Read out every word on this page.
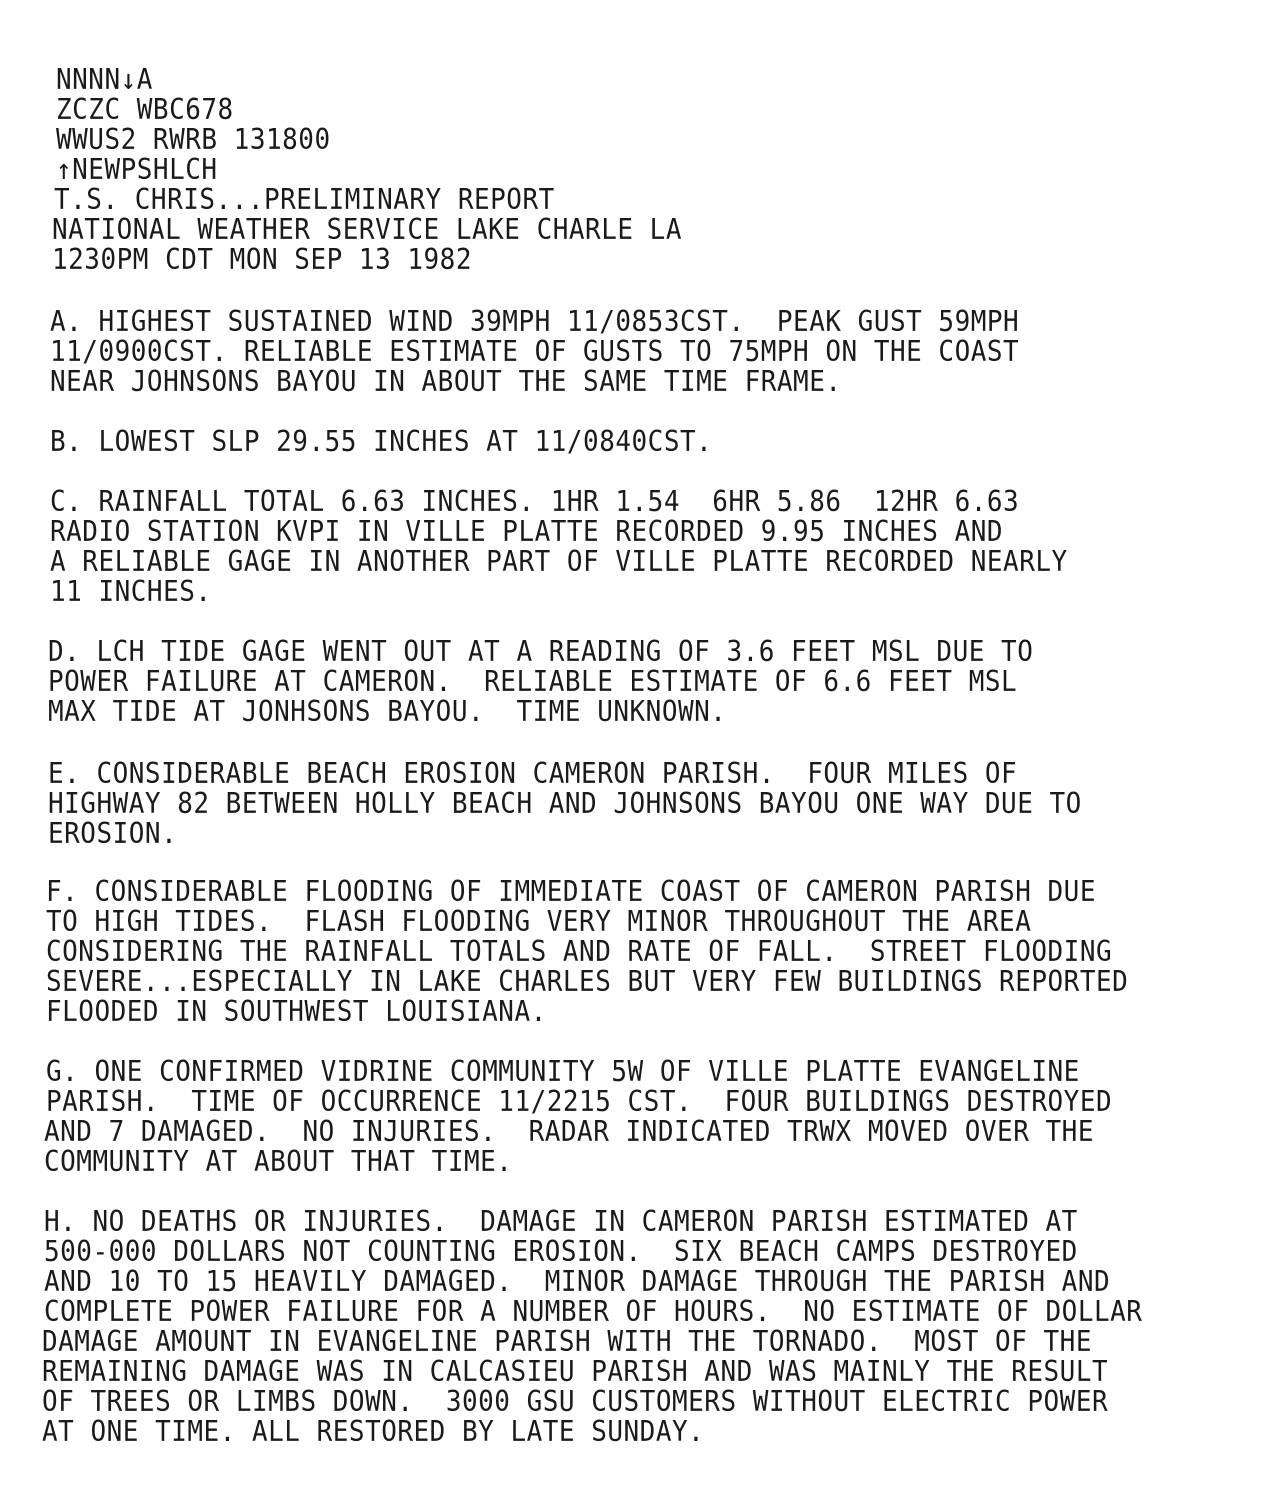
NNNN↓A
ZCZC WBC678
WWUS2 RWRB 131800
↑NEWPSHLCH
T.S. CHRIS...PRELIMINARY REPORT
NATIONAL WEATHER SERVICE LAKE CHARLE LA
1230PM CDT MON SEP 13 1982
A. HIGHEST SUSTAINED WIND 39MPH 11/0853CST.  PEAK GUST 59MPH
11/0900CST. RELIABLE ESTIMATE OF GUSTS TO 75MPH ON THE COAST
NEAR JOHNSONS BAYOU IN ABOUT THE SAME TIME FRAME.
B. LOWEST SLP 29.55 INCHES AT 11/0840CST.
C. RAINFALL TOTAL 6.63 INCHES. 1HR 1.54  6HR 5.86  12HR 6.63
RADIO STATION KVPI IN VILLE PLATTE RECORDED 9.95 INCHES AND
A RELIABLE GAGE IN ANOTHER PART OF VILLE PLATTE RECORDED NEARLY
11 INCHES.
D. LCH TIDE GAGE WENT OUT AT A READING OF 3.6 FEET MSL DUE TO
POWER FAILURE AT CAMERON.  RELIABLE ESTIMATE OF 6.6 FEET MSL
MAX TIDE AT JONHSONS BAYOU.  TIME UNKNOWN.
E. CONSIDERABLE BEACH EROSION CAMERON PARISH.  FOUR MILES OF
HIGHWAY 82 BETWEEN HOLLY BEACH AND JOHNSONS BAYOU ONE WAY DUE TO
EROSION.
F. CONSIDERABLE FLOODING OF IMMEDIATE COAST OF CAMERON PARISH DUE
TO HIGH TIDES.  FLASH FLOODING VERY MINOR THROUGHOUT THE AREA
CONSIDERING THE RAINFALL TOTALS AND RATE OF FALL.  STREET FLOODING
SEVERE...ESPECIALLY IN LAKE CHARLES BUT VERY FEW BUILDINGS REPORTED
FLOODED IN SOUTHWEST LOUISIANA.
G. ONE CONFIRMED VIDRINE COMMUNITY 5W OF VILLE PLATTE EVANGELINE
PARISH.  TIME OF OCCURRENCE 11/2215 CST.  FOUR BUILDINGS DESTROYED
AND 7 DAMAGED.  NO INJURIES.  RADAR INDICATED TRWX MOVED OVER THE
COMMUNITY AT ABOUT THAT TIME.
H. NO DEATHS OR INJURIES.  DAMAGE IN CAMERON PARISH ESTIMATED AT
500-000 DOLLARS NOT COUNTING EROSION.  SIX BEACH CAMPS DESTROYED
AND 10 TO 15 HEAVILY DAMAGED.  MINOR DAMAGE THROUGH THE PARISH AND
COMPLETE POWER FAILURE FOR A NUMBER OF HOURS.  NO ESTIMATE OF DOLLAR
DAMAGE AMOUNT IN EVANGELINE PARISH WITH THE TORNADO.  MOST OF THE
REMAINING DAMAGE WAS IN CALCASIEU PARISH AND WAS MAINLY THE RESULT
OF TREES OR LIMBS DOWN.  3000 GSU CUSTOMERS WITHOUT ELECTRIC POWER
AT ONE TIME. ALL RESTORED BY LATE SUNDAY.
